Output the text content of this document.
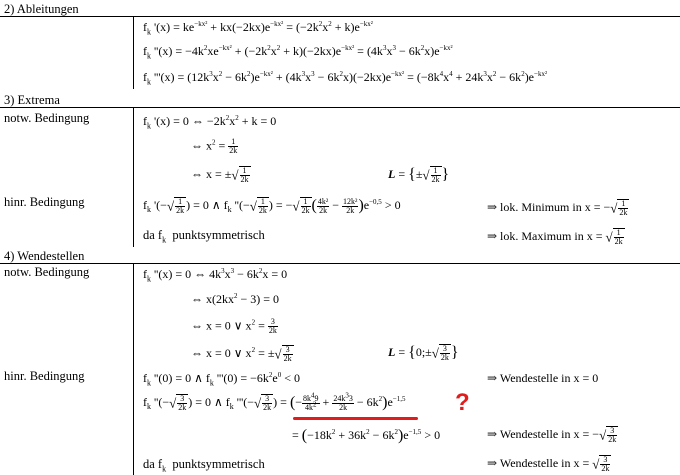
2) Ableitungen
$f_k$ '$(x) = ke^{-kx^2} + kx(-2kx)e^{-kx^2} = (-2k^2x^2 + k)e^{-kx^2}$
$f_k$ ''$(x) = -4k^2xe^{-kx^2} + (-2k^2x^2 + k)(-2kx)e^{-kx^2} = (4k^3x^3 - 6k^2x)e^{-kx^2}$
$f_k$ '''$(x) = (12k^3x^2 - 6k^2)e^{-kx^2} + (4k^3x^3 - 6k^2x)(-2kx)e^{-kx^2} = (-8k^4x^4 + 24k^3x^2 - 6k^2)e^{-kx^2}$
3) Extrema
notw. Bedingung	$f_k$ '(x) = 0 ⇔ $-2k^2x^2 + k = 0$
⇔ $x^2 = \frac{1}{2k}$
⇔ x = ±√ $\frac{1}{2k}$	L = {±√ $\frac{1}{2k}$ }
hinr. Bedingung	$f_k$ '(−√ $\frac{1}{2k}$ ) = 0 ∧ $f_k$ ''(−√ $\frac{1}{2k}$ ) = −√ $\frac{1}{2k}$ ( $\frac{\text{4k²}}{2k} - \frac{\text{12k²}}{2k} )e^{-0,5} > 0$	⇒ lok. Minimum in x = −√ $\frac{1}{2k}$
da $f_k$ punktsymmetrisch	⇒ lok. Maximum in x = √ $\frac{1}{2k}$
4) Wendestellen
notw. Bedingung	$f_k$ ''(x) = 0 ⇔ $4k^3x^3 - 6k^2x = 0$
⇔ $x(2kx^2 - 3) = 0$
⇔ x = 0 ∨ $x^2 = \frac{3}{2k}$
⇔ x = 0 ∨ $x^2$ = ±√ $\frac{3}{2k}$	L = {0;±√ $\frac{3}{2k}$ }
hinr. Bedingung	$f_k$ ''(0) = 0 ∧ $f_k$ '''$(0) = -6k^2e^0 < 0$	⇒ Wendestelle in x = 0
$f_k$ ''(−√ $\frac{3}{2k}$ ) = 0 ∧ $f_k$ '''(−√ $\frac{3}{2k}$ ) = (− $\frac{8k^49}{4k^2} + \frac{24k^33}{2k} - 6k^2)e^{-1,5}$ ?
= $(-18k^2 + 36k^2 - 6k^2)e^{-1,5} > 0$	⇒ Wendestelle in x = −√ $\frac{3}{2k}$
da $f_k$ punktsymmetrisch	⇒ Wendestelle in x = √ $\frac{3}{2k}$
